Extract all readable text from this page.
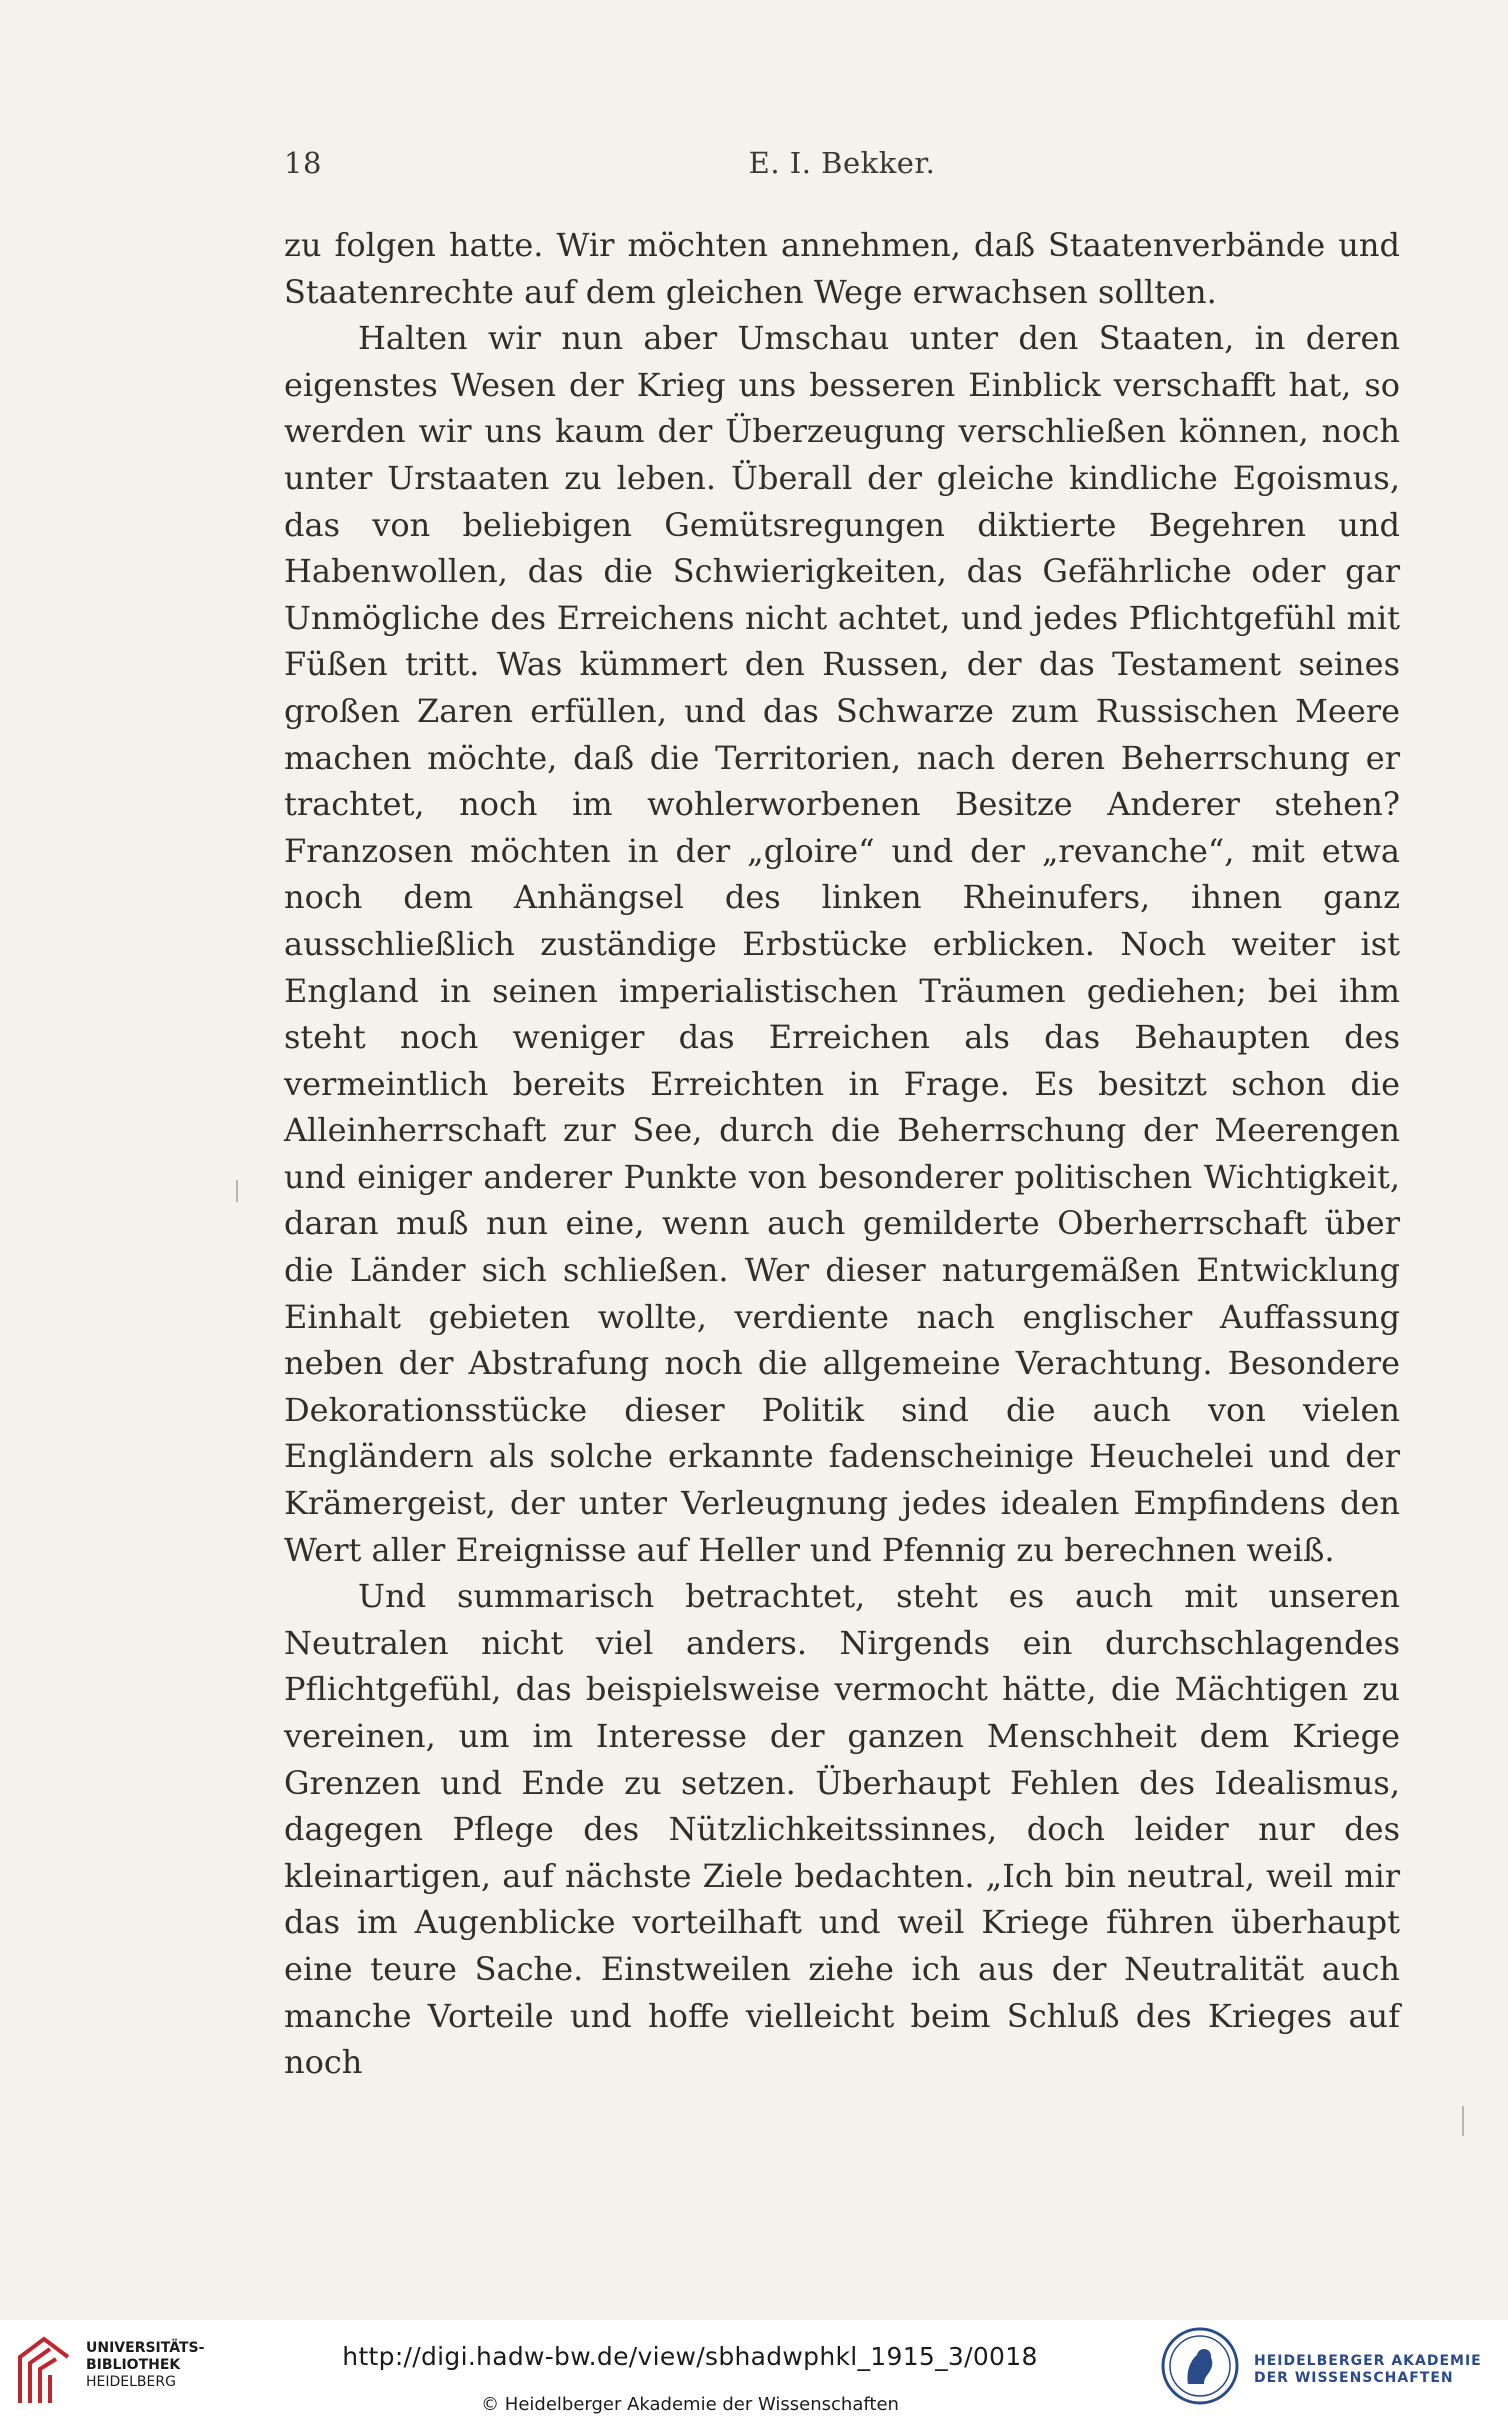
18	E. I. Bekker.

zu folgen hatte. Wir möchten annehmen, daß Staatenverbände und Staatenrechte auf dem gleichen Wege erwachsen sollten.

Halten wir nun aber Umschau unter den Staaten, in deren eigenstes Wesen der Krieg uns besseren Einblick verschafft hat, so werden wir uns kaum der Überzeugung verschließen können, noch unter Urstaaten zu leben. Überall der gleiche kindliche Egoismus, das von beliebigen Gemütsregungen diktierte Begehren und Habenwollen, das die Schwierigkeiten, das Gefährliche oder gar Unmögliche des Erreichens nicht achtet, und jedes Pflichtgefühl mit Füßen tritt. Was kümmert den Russen, der das Testament seines großen Zaren erfüllen, und das Schwarze zum Russischen Meere machen möchte, daß die Territorien, nach deren Beherrschung er trachtet, noch im wohlerworbenen Besitze Anderer stehen? Franzosen möchten in der „gloire“ und der „revanche“, mit etwa noch dem Anhängsel des linken Rheinufers, ihnen ganz ausschließlich zuständige Erbstücke erblicken. Noch weiter ist England in seinen imperialistischen Träumen gediehen; bei ihm steht noch weniger das Erreichen als das Behaupten des vermeintlich bereits Erreichten in Frage. Es besitzt schon die Alleinherrschaft zur See, durch die Beherrschung der Meerengen und einiger anderer Punkte von besonderer politischen Wichtigkeit, daran muß nun eine, wenn auch gemilderte Oberherrschaft über die Länder sich schließen. Wer dieser naturgemäßen Entwicklung Einhalt gebieten wollte, verdiente nach englischer Auffassung neben der Abstrafung noch die allgemeine Verachtung. Besondere Dekorationsstücke dieser Politik sind die auch von vielen Engländern als solche erkannte fadenscheinige Heuchelei und der Krämergeist, der unter Verleugnung jedes idealen Empfindens den Wert aller Ereignisse auf Heller und Pfennig zu berechnen weiß.

Und summarisch betrachtet, steht es auch mit unseren Neutralen nicht viel anders. Nirgends ein durchschlagendes Pflichtgefühl, das beispielsweise vermocht hätte, die Mächtigen zu vereinen, um im Interesse der ganzen Menschheit dem Kriege Grenzen und Ende zu setzen. Überhaupt Fehlen des Idealismus, dagegen Pflege des Nützlichkeitssinnes, doch leider nur des kleinartigen, auf nächste Ziele bedachten. „Ich bin neutral, weil mir das im Augenblicke vorteilhaft und weil Kriege führen überhaupt eine teure Sache. Einstweilen ziehe ich aus der Neutralität auch manche Vorteile und hoffe vielleicht beim Schluß des Krieges auf noch

UNIVERSITÄTS-
BIBLIOTHEK
HEIDELBERG
http://digi.hadw-bw.de/view/sbhadwphkl_1915_3/0018
© Heidelberger Akademie der Wissenschaften
HEIDELBERGER AKADEMIE
DER WISSENSCHAFTEN
